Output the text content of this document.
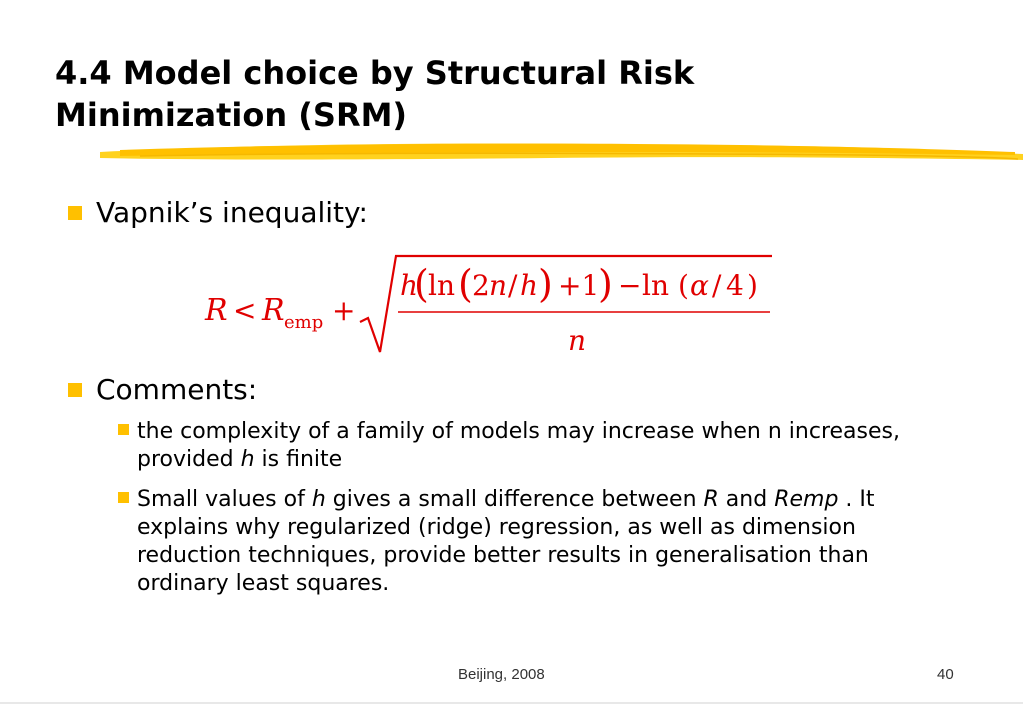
4.4 Model choice by Structural Risk
Minimization (SRM)
Vapnik’s inequality:
R < R emp +
h
( ln ( 2 n / h ) +1
) − ln ( α / 4 )
n
Comments:
the complexity of a family of models may increase when n increases, provided h is finite
Small values of h gives a small difference between R and Remp . It explains why regularized (ridge) regression, as well as dimension reduction techniques, provide better results in generalisation than ordinary least squares.
Beijing, 2008	40
